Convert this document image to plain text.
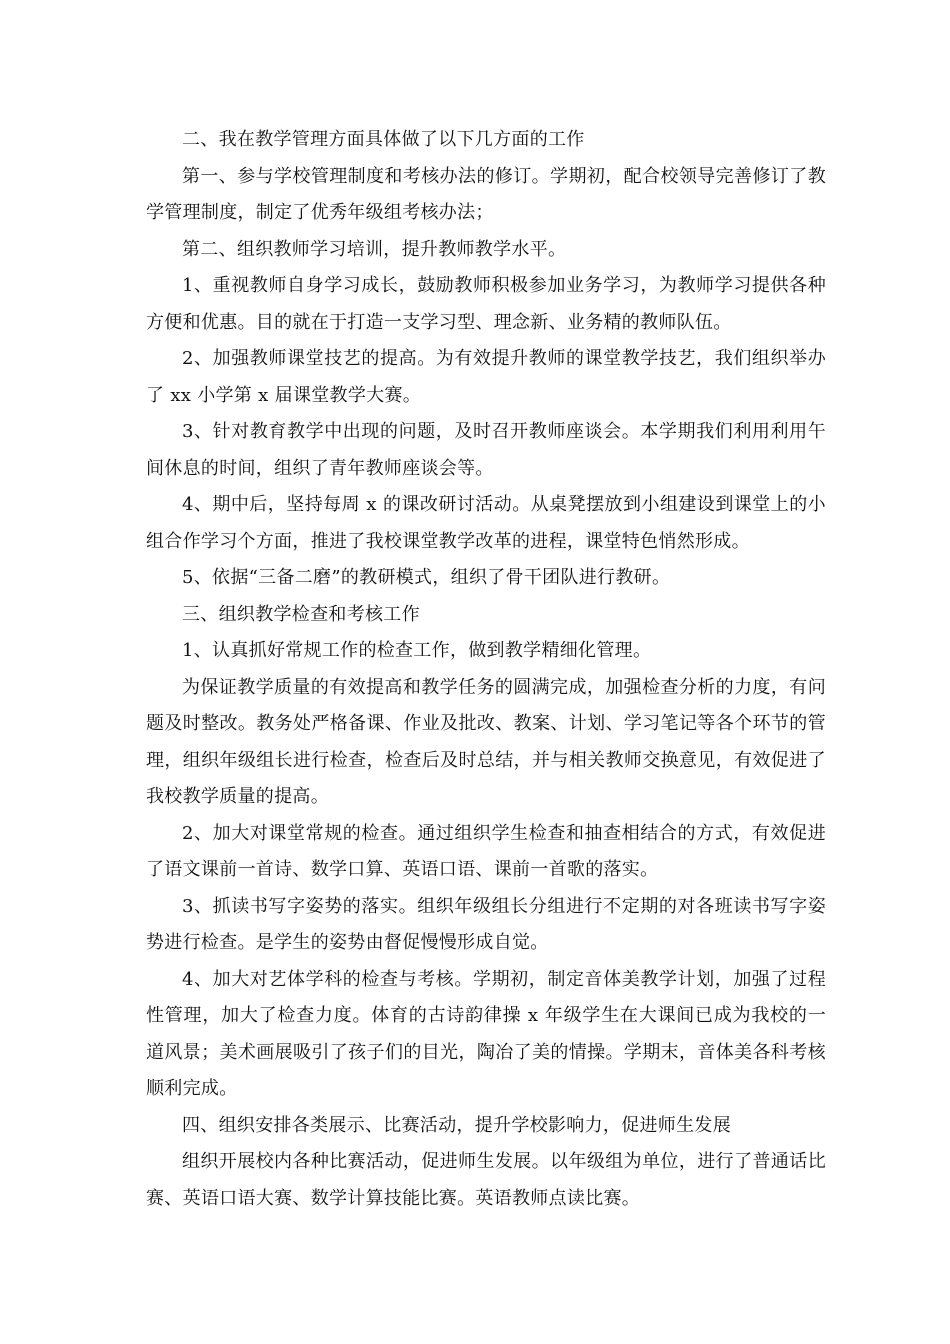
二、我在教学管理方面具体做了以下几方面的工作

第一、参与学校管理制度和考核办法的修订。学期初，配合校领导完善修订了教学管理制度，制定了优秀年级组考核办法；

第二、组织教师学习培训，提升教师教学水平。

1、重视教师自身学习成长，鼓励教师积极参加业务学习，为教师学习提供各种方便和优惠。目的就在于打造一支学习型、理念新、业务精的教师队伍。

2、加强教师课堂技艺的提高。为有效提升教师的课堂教学技艺，我们组织举办了 xx 小学第 x 届课堂教学大赛。

3、针对教育教学中出现的问题，及时召开教师座谈会。本学期我们利用利用午间休息的时间，组织了青年教师座谈会等。

4、期中后，坚持每周 x 的课改研讨活动。从桌凳摆放到小组建设到课堂上的小组合作学习个方面，推进了我校课堂教学改革的进程，课堂特色悄然形成。

5、依据“三备二磨”的教研模式，组织了骨干团队进行教研。

三、组织教学检查和考核工作

1、认真抓好常规工作的检查工作，做到教学精细化管理。

为保证教学质量的有效提高和教学任务的圆满完成，加强检查分析的力度，有问题及时整改。教务处严格备课、作业及批改、教案、计划、学习笔记等各个环节的管理，组织年级组长进行检查，检查后及时总结，并与相关教师交换意见，有效促进了我校教学质量的提高。

2、加大对课堂常规的检查。通过组织学生检查和抽查相结合的方式，有效促进了语文课前一首诗、数学口算、英语口语、课前一首歌的落实。

3、抓读书写字姿势的落实。组织年级组长分组进行不定期的对各班读书写字姿势进行检查。是学生的姿势由督促慢慢形成自觉。

4、加大对艺体学科的检查与考核。学期初，制定音体美教学计划，加强了过程性管理，加大了检查力度。体育的古诗韵律操 x 年级学生在大课间已成为我校的一道风景；美术画展吸引了孩子们的目光，陶冶了美的情操。学期末，音体美各科考核顺利完成。

四、组织安排各类展示、比赛活动，提升学校影响力，促进师生发展

组织开展校内各种比赛活动，促进师生发展。以年级组为单位，进行了普通话比赛、英语口语大赛、数学计算技能比赛。英语教师点读比赛。
